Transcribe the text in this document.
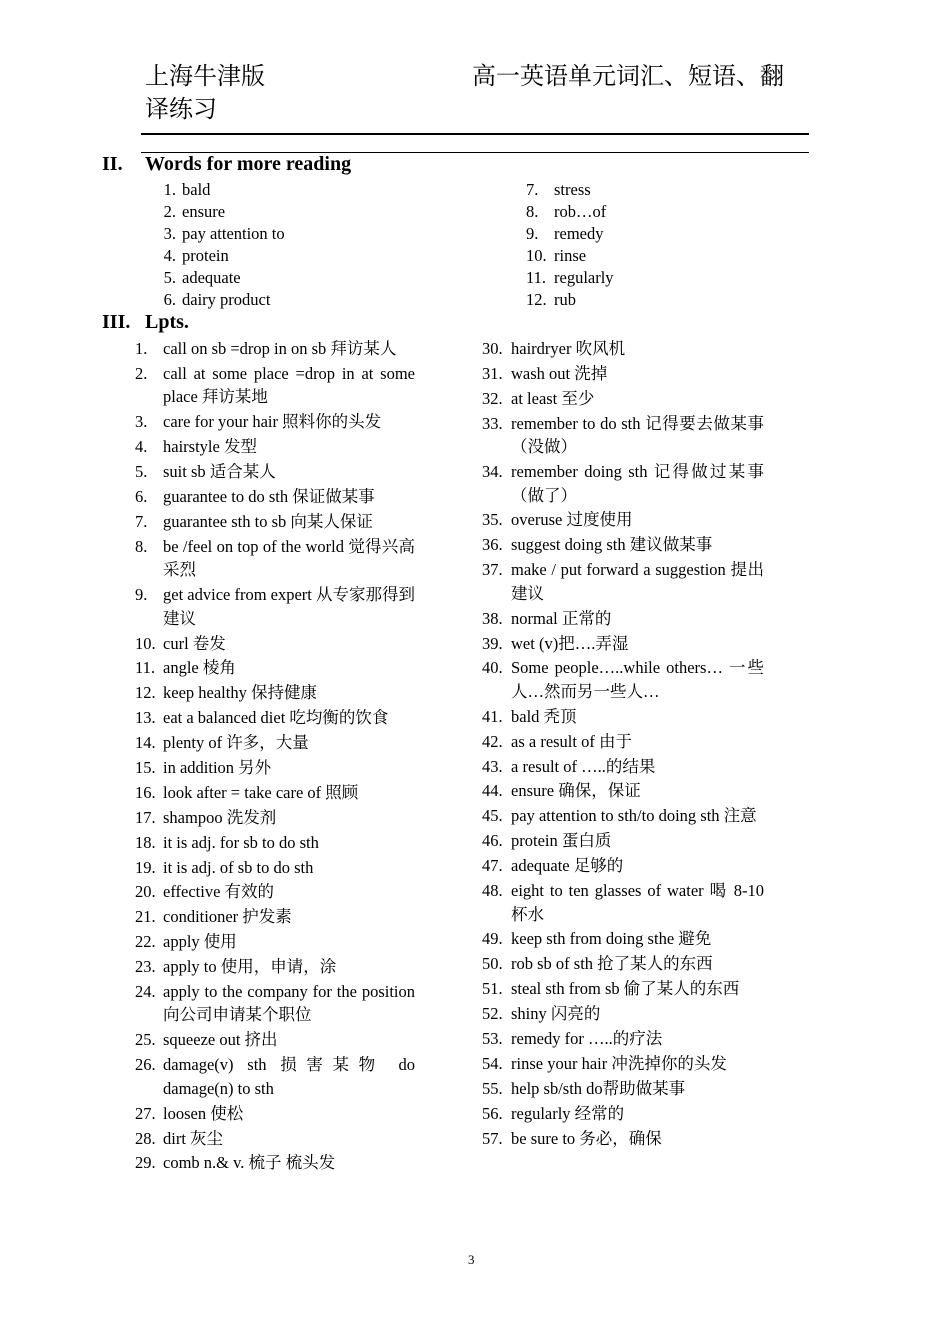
上海牛津版	高一英语单元词汇、短语、翻
译练习
II. Words for more reading
1. bald
2. ensure
3. pay attention to
4. protein
5. adequate
6. dairy product
7. stress
8. rob…of
9. remedy
10. rinse
11. regularly
12. rub
III. Lpts.
1. call on sb =drop in on sb 拜访某人
2. call at some place =drop in at some place 拜访某地
3. care for your hair 照料你的头发
4. hairstyle 发型
5. suit sb 适合某人
6. guarantee to do sth 保证做某事
7. guarantee sth to sb 向某人保证
8. be /feel on top of the world 觉得兴高采烈
9. get advice from expert 从专家那得到建议
10. curl 卷发
11. angle 棱角
12. keep healthy 保持健康
13. eat a balanced diet 吃均衡的饮食
14. plenty of 许多，大量
15. in addition 另外
16. look after = take care of 照顾
17. shampoo 洗发剂
18. it is adj. for sb to do sth
19. it is adj. of sb to do sth
20. effective 有效的
21. conditioner 护发素
22. apply 使用
23. apply to 使用，申请，涂
24. apply to the company for the position 向公司申请某个职位
25. squeeze out 挤出
26. damage(v) sth 损害某物 do damage(n) to sth
27. loosen 使松
28. dirt 灰尘
29. comb n.& v. 梳子 梳头发
30. hairdryer 吹风机
31. wash out 洗掉
32. at least 至少
33. remember to do sth 记得要去做某事（没做）
34. remember doing sth 记得做过某事（做了）
35. overuse 过度使用
36. suggest doing sth 建议做某事
37. make / put forward a suggestion 提出建议
38. normal 正常的
39. wet (v)把….弄湿
40. Some people…..while others… 一些人…然而另一些人…
41. bald 秃顶
42. as a result of 由于
43. a result of …..的结果
44. ensure 确保，保证
45. pay attention to sth/to doing sth 注意
46. protein 蛋白质
47. adequate 足够的
48. eight to ten glasses of water 喝 8-10 杯水
49. keep sth from doing sthe 避免
50. rob sb of sth 抢了某人的东西
51. steal sth from sb 偷了某人的东西
52. shiny 闪亮的
53. remedy for …..的疗法
54. rinse your hair 冲洗掉你的头发
55. help sb/sth do帮助做某事
56. regularly 经常的
57. be sure to 务必，确保
3
